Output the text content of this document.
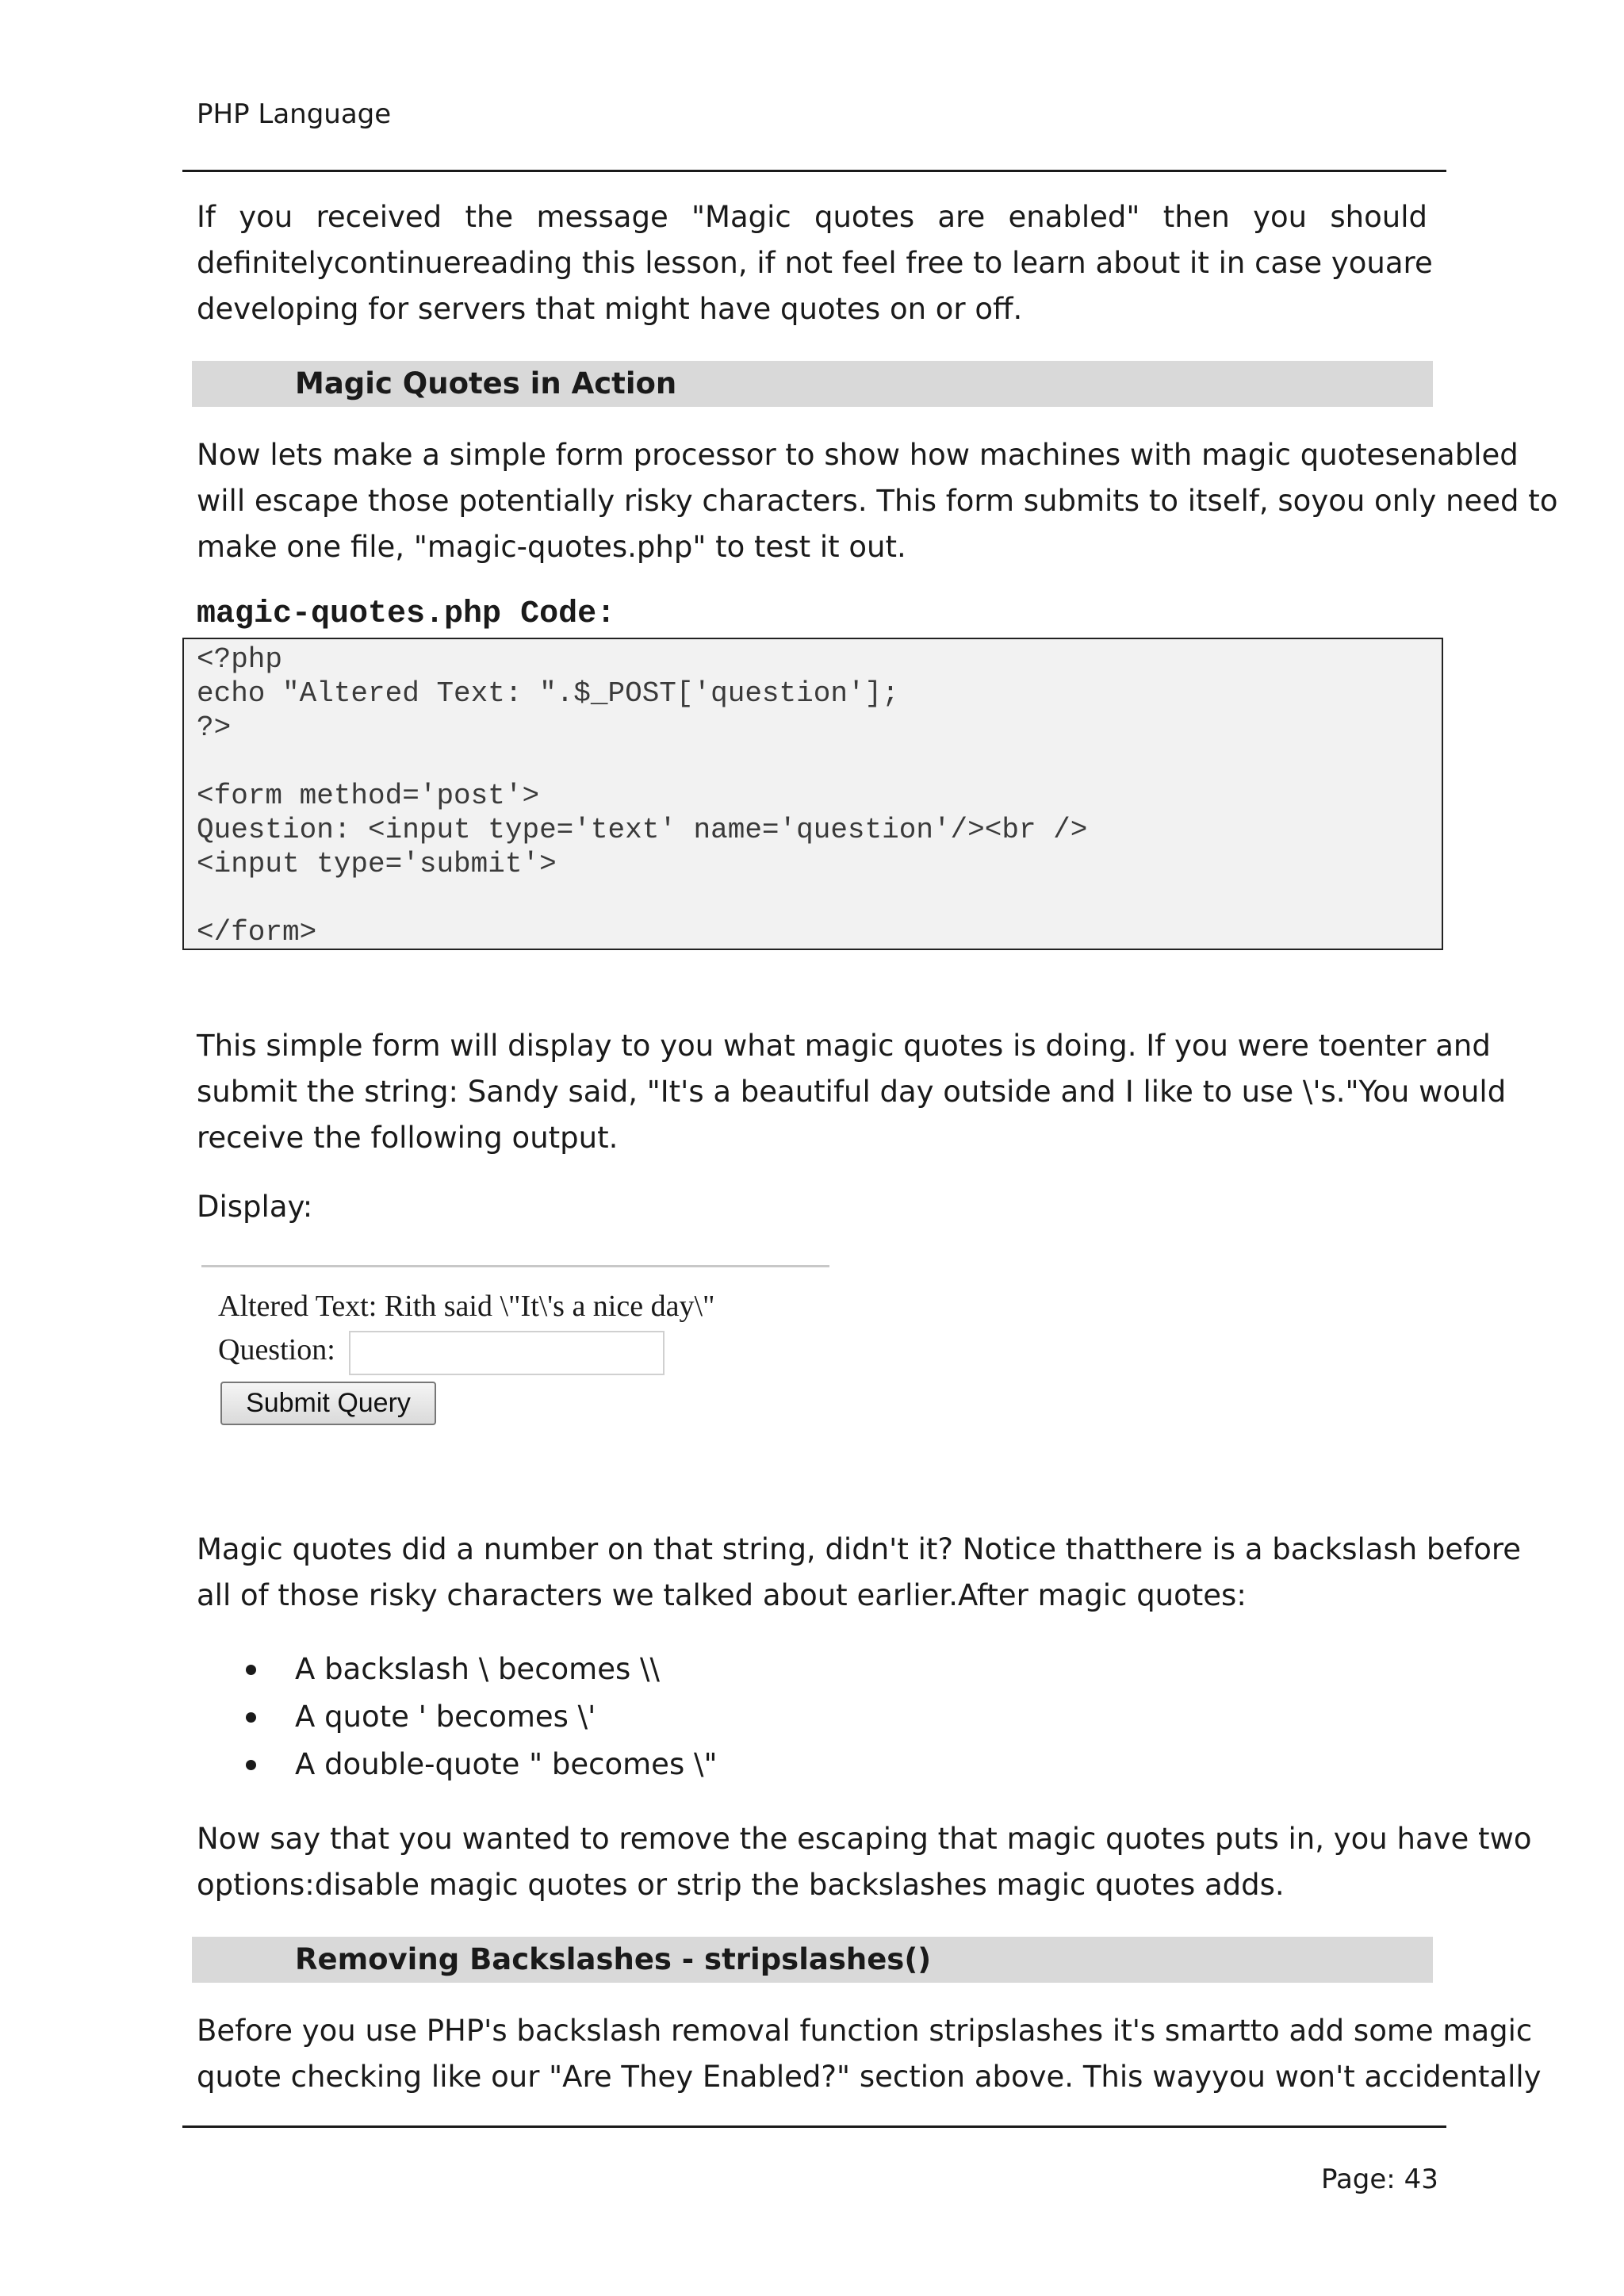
PHP Language
If you received the message "Magic quotes are enabled" then you should
definitelycontinuereading this lesson, if not feel free to learn about it in case youare
developing for servers that might have quotes on or off.
Magic Quotes in Action
Now lets make a simple form processor to show how machines with magic quotesenabled
will escape those potentially risky characters. This form submits to itself, soyou only need to
make one file, "magic-quotes.php" to test it out.
magic-quotes.php Code:
<?php
echo "Altered Text: ".$_POST['question'];
?>

<form method='post'>
Question: <input type='text' name='question'/><br />
<input type='submit'>

</form>
This simple form will display to you what magic quotes is doing. If you were toenter and
submit the string: Sandy said, "It's a beautiful day outside and I like to use \'s."You would
receive the following output.
Display:
Altered Text: Rith said \"It\'s a nice day\"
Question:
Submit Query
Magic quotes did a number on that string, didn't it? Notice thatthere is a backslash before
all of those risky characters we talked about earlier.After magic quotes:
A backslash \ becomes \\
A quote ' becomes \'
A double-quote " becomes \"
Now say that you wanted to remove the escaping that magic quotes puts in, you have two
options:disable magic quotes or strip the backslashes magic quotes adds.
Removing Backslashes - stripslashes()
Before you use PHP's backslash removal function stripslashes it's smartto add some magic
quote checking like our "Are They Enabled?" section above. This wayyou won't accidentally
Page: 43
